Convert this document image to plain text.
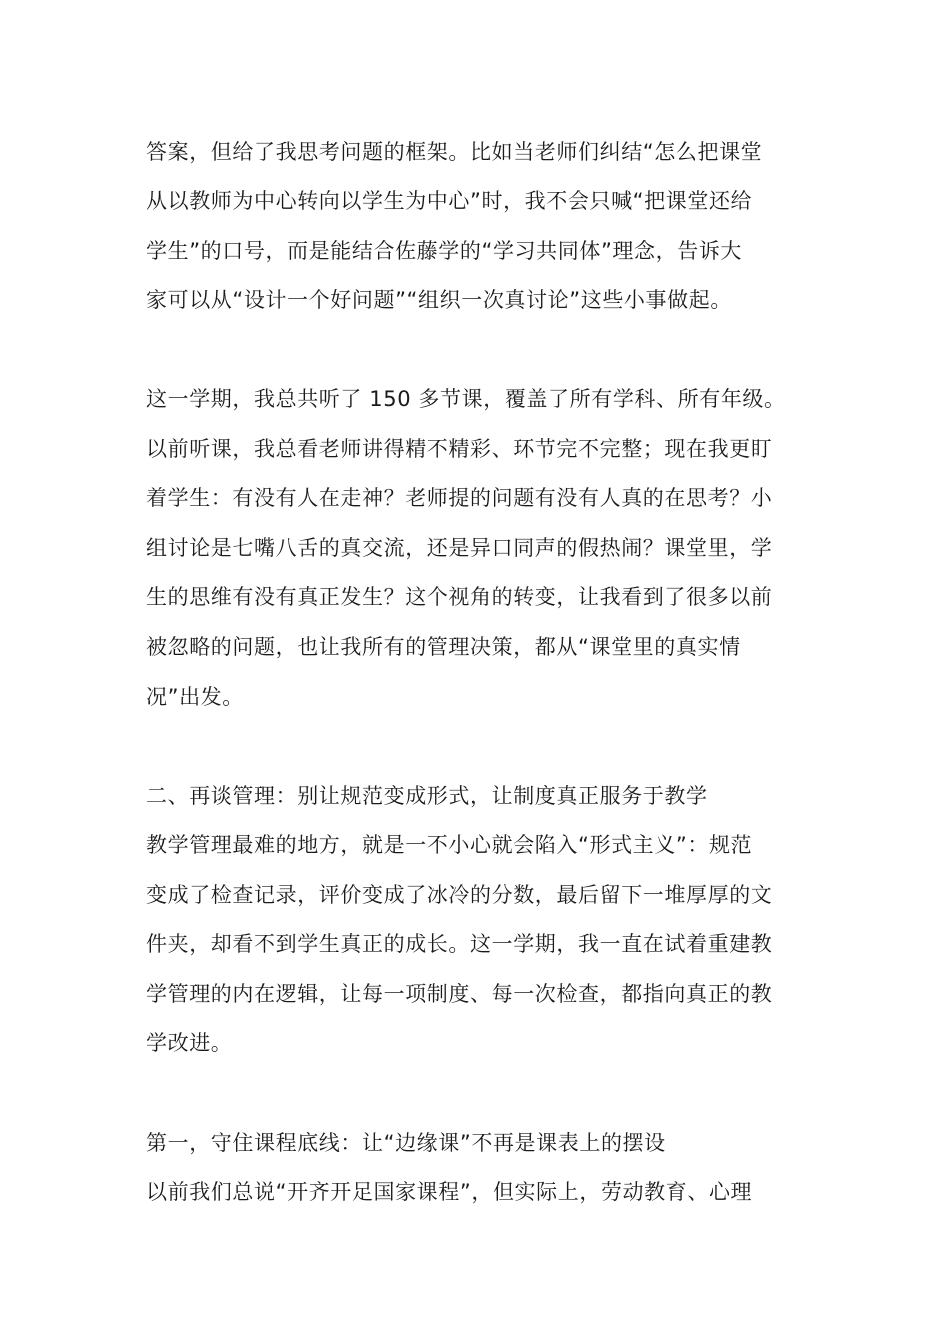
答案，但给了我思考问题的框架。比如当老师们纠结“怎么把课堂
从以教师为中心转向以学生为中心”时，我不会只喊“把课堂还给
学生”的口号，而是能结合佐藤学的“学习共同体”理念，告诉大
家可以从“设计一个好问题”“组织一次真讨论”这些小事做起。
这一学期，我总共听了 150 多节课，覆盖了所有学科、所有年级。
以前听课，我总看老师讲得精不精彩、环节完不完整；现在我更盯
着学生：有没有人在走神？老师提的问题有没有人真的在思考？小
组讨论是七嘴八舌的真交流，还是异口同声的假热闹？课堂里，学
生的思维有没有真正发生？这个视角的转变，让我看到了很多以前
被忽略的问题，也让我所有的管理决策，都从“课堂里的真实情
况”出发。
二、再谈管理：别让规范变成形式，让制度真正服务于教学
教学管理最难的地方，就是一不小心就会陷入“形式主义”：规范
变成了检查记录，评价变成了冰冷的分数，最后留下一堆厚厚的文
件夹，却看不到学生真正的成长。这一学期，我一直在试着重建教
学管理的内在逻辑，让每一项制度、每一次检查，都指向真正的教
学改进。
第一，守住课程底线：让“边缘课”不再是课表上的摆设
以前我们总说“开齐开足国家课程”，但实际上，劳动教育、心理
